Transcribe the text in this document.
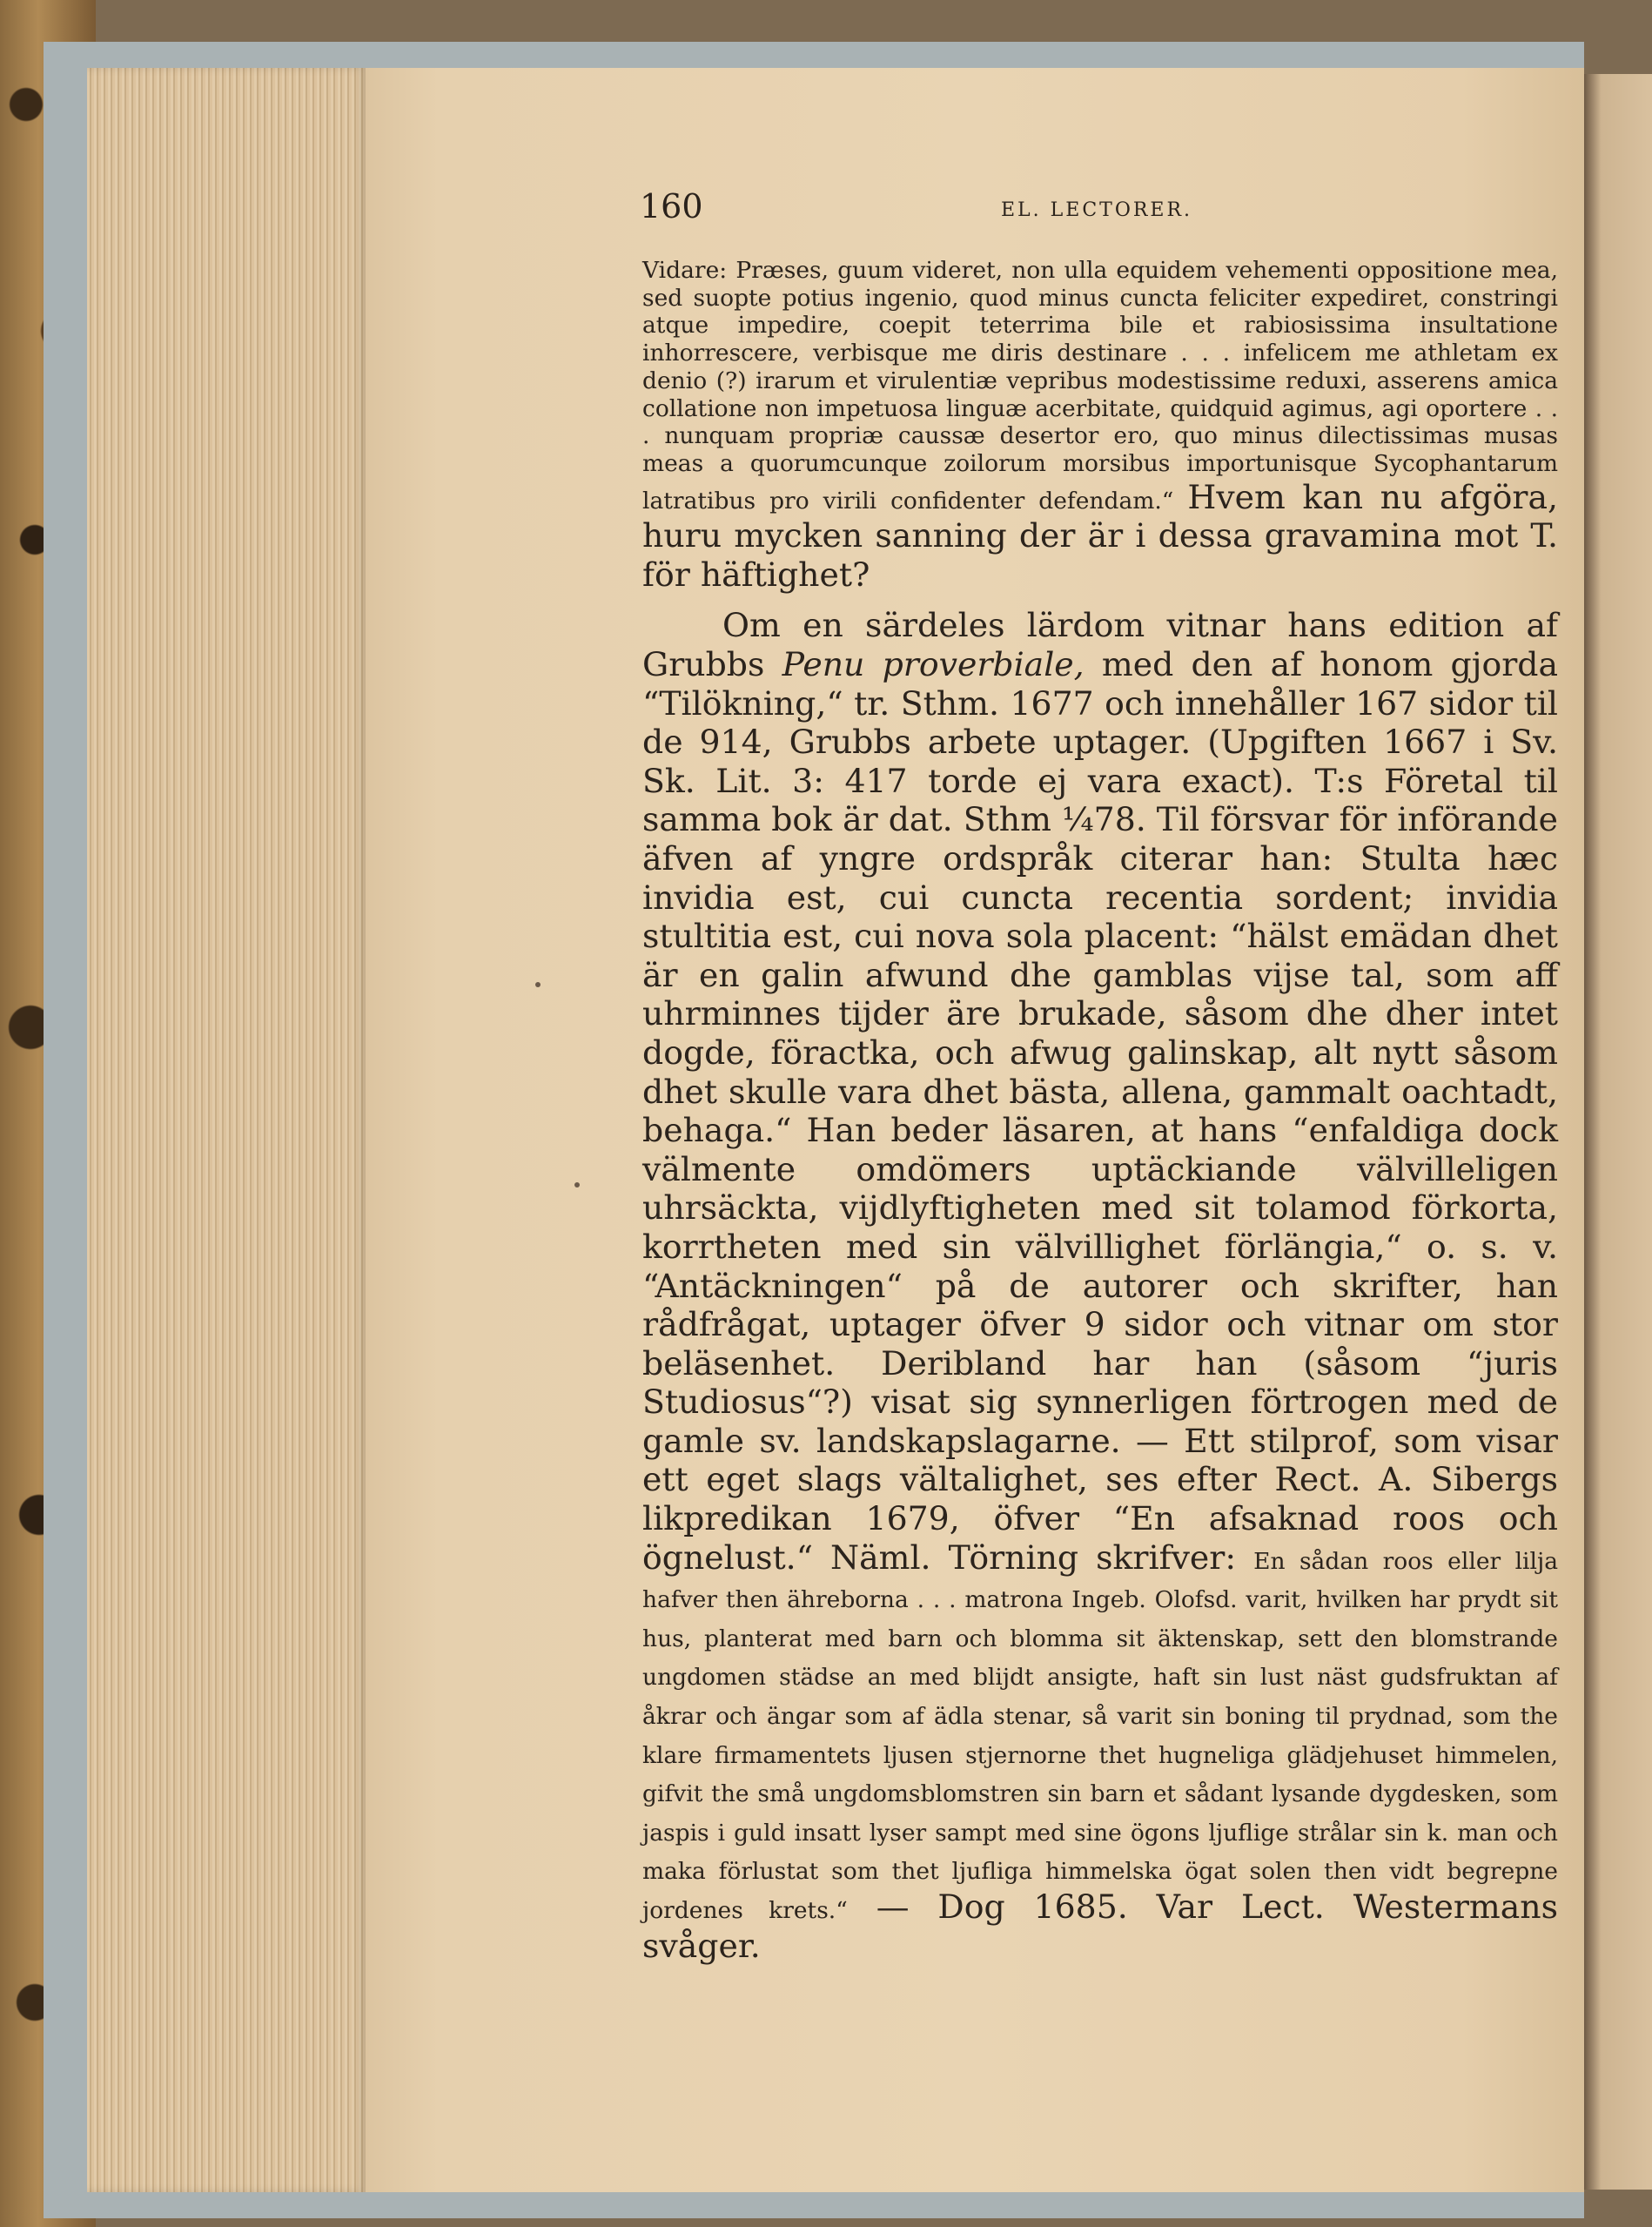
160	EL. LECTORER.

Vidare: Præses, guum videret, non ulla equidem vehementi oppositione mea, sed suopte potius ingenio, quod minus cuncta feliciter expediret, constringi atque impedire, coepit teterrima bile et rabiosissima insultatione inhorrescere, verbisque me diris destinare . . . infelicem me athletam ex denio (?) irarum et virulentiæ vepribus modestissime reduxi, asserens amica collatione non impetuosa linguæ acerbitate, quidquid agimus, agi oportere . . . nunquam propriæ caussæ desertor ero, quo minus dilectissimas musas meas a quorumcunque zoilorum morsibus importunisque Sycophantarum latratibus pro virili confidenter defendam.“ Hvem kan nu afgöra, huru mycken sanning der är i dessa gravamina mot T. för häftighet?

Om en särdeles lärdom vitnar hans edition af Grubbs Penu proverbiale, med den af honom gjorda “Tilökning,“ tr. Sthm. 1677 och innehåller 167 sidor til de 914, Grubbs arbete uptager. (Upgiften 1667 i Sv. Sk. Lit. 3: 417 torde ej vara exact). T:s Företal til samma bok är dat. Sthm ¼78. Til försvar för införande äfven af yngre ordspråk citerar han: Stulta hæc invidia est, cui cuncta recentia sordent; invidia stultitia est, cui nova sola placent: “hälst emädan dhet är en galin afwund dhe gamblas vijse tal, som aff uhrminnes tijder äre brukade, såsom dhe dher intet dogde, föractka, och afwug galinskap, alt nytt såsom dhet skulle vara dhet bästa, allena, gammalt oachtadt, behaga.“ Han beder läsaren, at hans “enfaldiga dock välmente omdömers uptäckiande välvilleligen uhrsäckta, vijdlyftigheten med sit tolamod förkorta, korrtheten med sin välvillighet förlängia,“ o. s. v. “Antäckningen“ på de autorer och skrifter, han rådfrågat, uptager öfver 9 sidor och vitnar om stor beläsenhet. Deribland har han (såsom “juris Studiosus“?) visat sig synnerligen förtrogen med de gamle sv. landskapslagarne. — Ett stilprof, som visar ett eget slags vältalighet, ses efter Rect. A. Sibergs likpredikan 1679, öfver “En afsaknad roos och ögnelust.“ Näml. Törning skrifver: En sådan roos eller lilja hafver then ähreborna . . . matrona Ingeb. Olofsd. varit, hvilken har prydt sit hus, planterat med barn och blomma sit äktenskap, sett den blomstrande ungdomen städse an med blijdt ansigte, haft sin lust näst gudsfruktan af åkrar och ängar som af ädla stenar, så varit sin boning til prydnad, som the klare firmamentets ljusen stjernorne thet hugneliga glädjehuset himmelen, gifvit the små ungdomsblomstren sin barn et sådant lysande dygdesken, som jaspis i guld insatt lyser sampt med sine ögons ljuflige strålar sin k. man och maka förlustat som thet ljufliga himmelska ögat solen then vidt begrepne jordenes krets.“ — Dog 1685. Var Lect. Westermans svåger.
